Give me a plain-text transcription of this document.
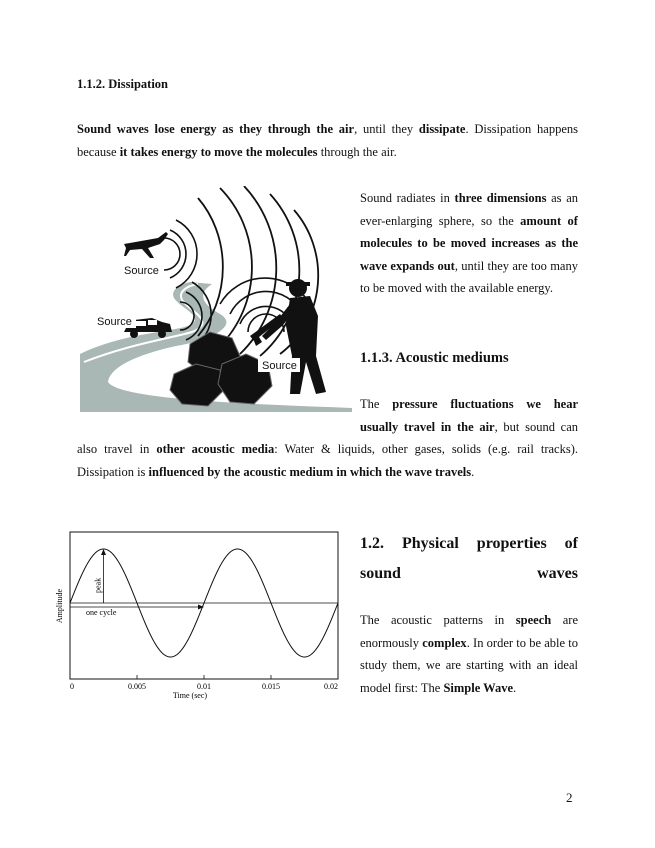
1.1.2. Dissipation

Sound waves lose energy as they through the air, until they dissipate. Dissipation happens because it takes energy to move the molecules through the air.

Source
Source
Source

Sound radiates in three dimensions as an ever-enlarging sphere, so the amount of molecules to be moved increases as the wave expands out, until they are too many to be moved with the available energy.

1.1.3. Acoustic mediums

The pressure fluctuations we hear usually travel in the air, but sound can

also travel in other acoustic media: Water & liquids, other gases, solids (e.g. rail tracks). Dissipation is influenced by the acoustic medium in which the wave travels.

0	0.005	0.01	0.015	0.02
peak
one cycle
Time (sec)
Amplitude
1.2. Physical properties of sound waves

The acoustic patterns in speech are enormously complex. In order to be able to study them, we are starting with an ideal model first: The Simple Wave.

2
